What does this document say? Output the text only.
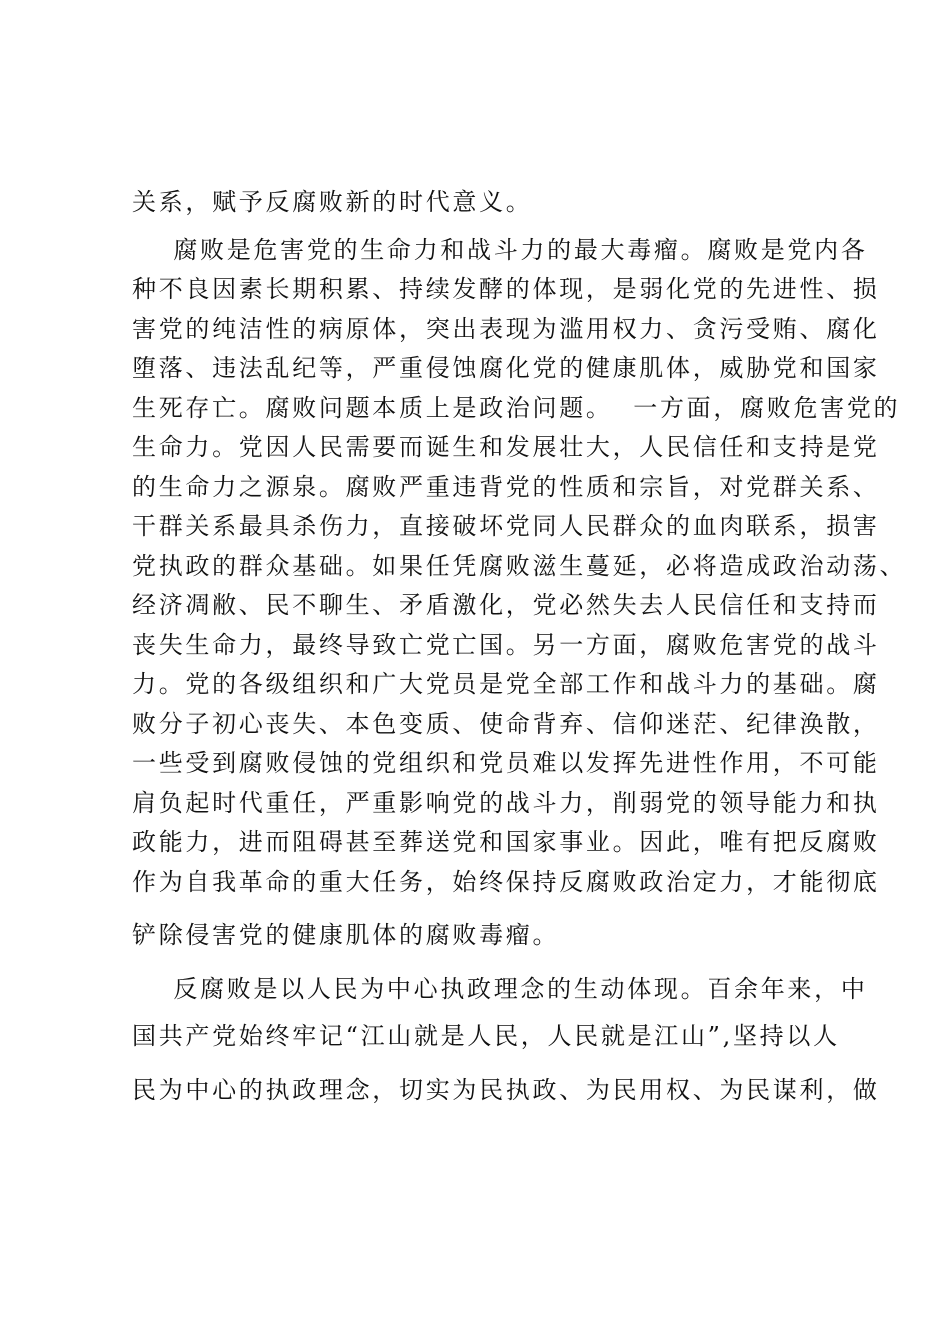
关系，赋予反腐败新的时代意义。
腐败是危害党的生命力和战斗力的最大毒瘤。腐败是党内各
种不良因素长期积累、持续发酵的体现，是弱化党的先进性、损
害党的纯洁性的病原体，突出表现为滥用权力、贪污受贿、腐化
堕落、违法乱纪等，严重侵蚀腐化党的健康肌体，威胁党和国家
生死存亡。腐败问题本质上是政治问题。  一方面，腐败危害党的
生命力。党因人民需要而诞生和发展壮大，人民信任和支持是党
的生命力之源泉。腐败严重违背党的性质和宗旨，对党群关系、
干群关系最具杀伤力，直接破坏党同人民群众的血肉联系，损害
党执政的群众基础。如果任凭腐败滋生蔓延，必将造成政治动荡、
经济凋敝、民不聊生、矛盾激化，党必然失去人民信任和支持而
丧失生命力，最终导致亡党亡国。另一方面，腐败危害党的战斗
力。党的各级组织和广大党员是党全部工作和战斗力的基础。腐
败分子初心丧失、本色变质、使命背弃、信仰迷茫、纪律涣散，
一些受到腐败侵蚀的党组织和党员难以发挥先进性作用，不可能
肩负起时代重任，严重影响党的战斗力，削弱党的领导能力和执
政能力，进而阻碍甚至葬送党和国家事业。因此，唯有把反腐败
作为自我革命的重大任务，始终保持反腐败政治定力，才能彻底
铲除侵害党的健康肌体的腐败毒瘤。
反腐败是以人民为中心执政理念的生动体现。百余年来，中
国共产党始终牢记“江山就是人民，人民就是江山”,坚持以人
民为中心的执政理念，切实为民执政、为民用权、为民谋利，做
